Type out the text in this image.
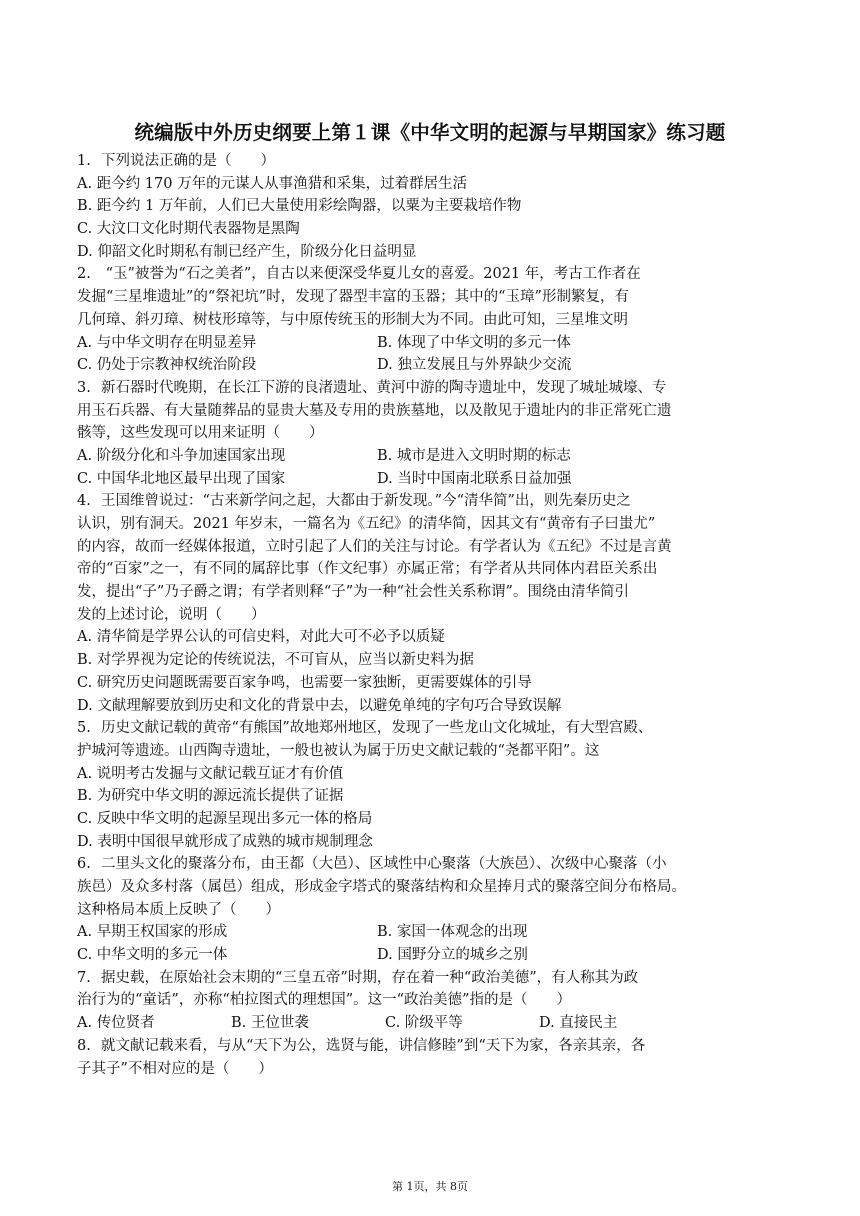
统编版中外历史纲要上第１课《中华文明的起源与早期国家》练习题
1. 下列说法正确的是（　　）
A. 距今约 170 万年的元谋人从事渔猎和采集，过着群居生活
B. 距今约 1 万年前，人们已大量使用彩绘陶器，以粟为主要栽培作物
C. 大汶口文化时期代表器物是黑陶
D. 仰韶文化时期私有制已经产生，阶级分化日益明显
2. “玉”被誉为“石之美者”，自古以来便深受华夏儿女的喜爱。2021 年，考古工作者在
发掘“三星堆遗址”的“祭祀坑”时，发现了器型丰富的玉器；其中的“玉璋”形制繁复，有
几何璋、斜刃璋、树枝形璋等，与中原传统玉的形制大为不同。由此可知，三星堆文明
A. 与中华文明存在明显差异	B. 体现了中华文明的多元一体
C. 仍处于宗教神权统治阶段	D. 独立发展且与外界缺少交流
3. 新石器时代晚期，在长江下游的良渚遗址、黄河中游的陶寺遗址中，发现了城址城壕、专
用玉石兵器、有大量随葬品的显贵大墓及专用的贵族墓地，以及散见于遗址内的非正常死亡遗
骸等，这些发现可以用来证明（　　）
A. 阶级分化和斗争加速国家出现	B. 城市是进入文明时期的标志
C. 中国华北地区最早出现了国家	D. 当时中国南北联系日益加强
4. 王国维曾说过：“古来新学问之起，大都由于新发现。”今“清华简”出，则先秦历史之
认识，别有洞天。2021 年岁末，一篇名为《五纪》的清华简，因其文有“黄帝有子曰蚩尤”
的内容，故而一经媒体报道，立时引起了人们的关注与讨论。有学者认为《五纪》不过是言黄
帝的“百家”之一，有不同的属辞比事（作文纪事）亦属正常；有学者从共同体内君臣关系出
发，提出“子”乃子爵之谓；有学者则释“子”为一种“社会性关系称谓”。围绕由清华简引
发的上述讨论，说明（　　）
A. 清华简是学界公认的可信史料，对此大可不必予以质疑
B. 对学界视为定论的传统说法，不可盲从，应当以新史料为据
C. 研究历史问题既需要百家争鸣，也需要一家独断，更需要媒体的引导
D. 文献理解要放到历史和文化的背景中去，以避免单纯的字句巧合导致误解
5. 历史文献记载的黄帝“有熊国”故地郑州地区，发现了一些龙山文化城址，有大型宫殿、
护城河等遗迹。山西陶寺遗址，一般也被认为属于历史文献记载的“尧都平阳”。这
A. 说明考古发掘与文献记载互证才有价值
B. 为研究中华文明的源远流长提供了证据
C. 反映中华文明的起源呈现出多元一体的格局
D. 表明中国很早就形成了成熟的城市规制理念
6. 二里头文化的聚落分布，由王都（大邑）、区域性中心聚落（大族邑）、次级中心聚落（小
族邑）及众多村落（属邑）组成，形成金字塔式的聚落结构和众星捧月式的聚落空间分布格局。
这种格局本质上反映了（　　）
A. 早期王权国家的形成	B. 家国一体观念的出现
C. 中华文明的多元一体	D. 国野分立的城乡之别
7. 据史载，在原始社会末期的“三皇五帝”时期，存在着一种“政治美德”，有人称其为政
治行为的“童话”，亦称“柏拉图式的理想国”。这一“政治美德”指的是（　　）
A. 传位贤者	B. 王位世袭	C. 阶级平等	D. 直接民主
8. 就文献记载来看，与从“天下为公，选贤与能，讲信修睦”到“天下为家，各亲其亲，各
子其子”不相对应的是（　　）
第 1页，共 8页
